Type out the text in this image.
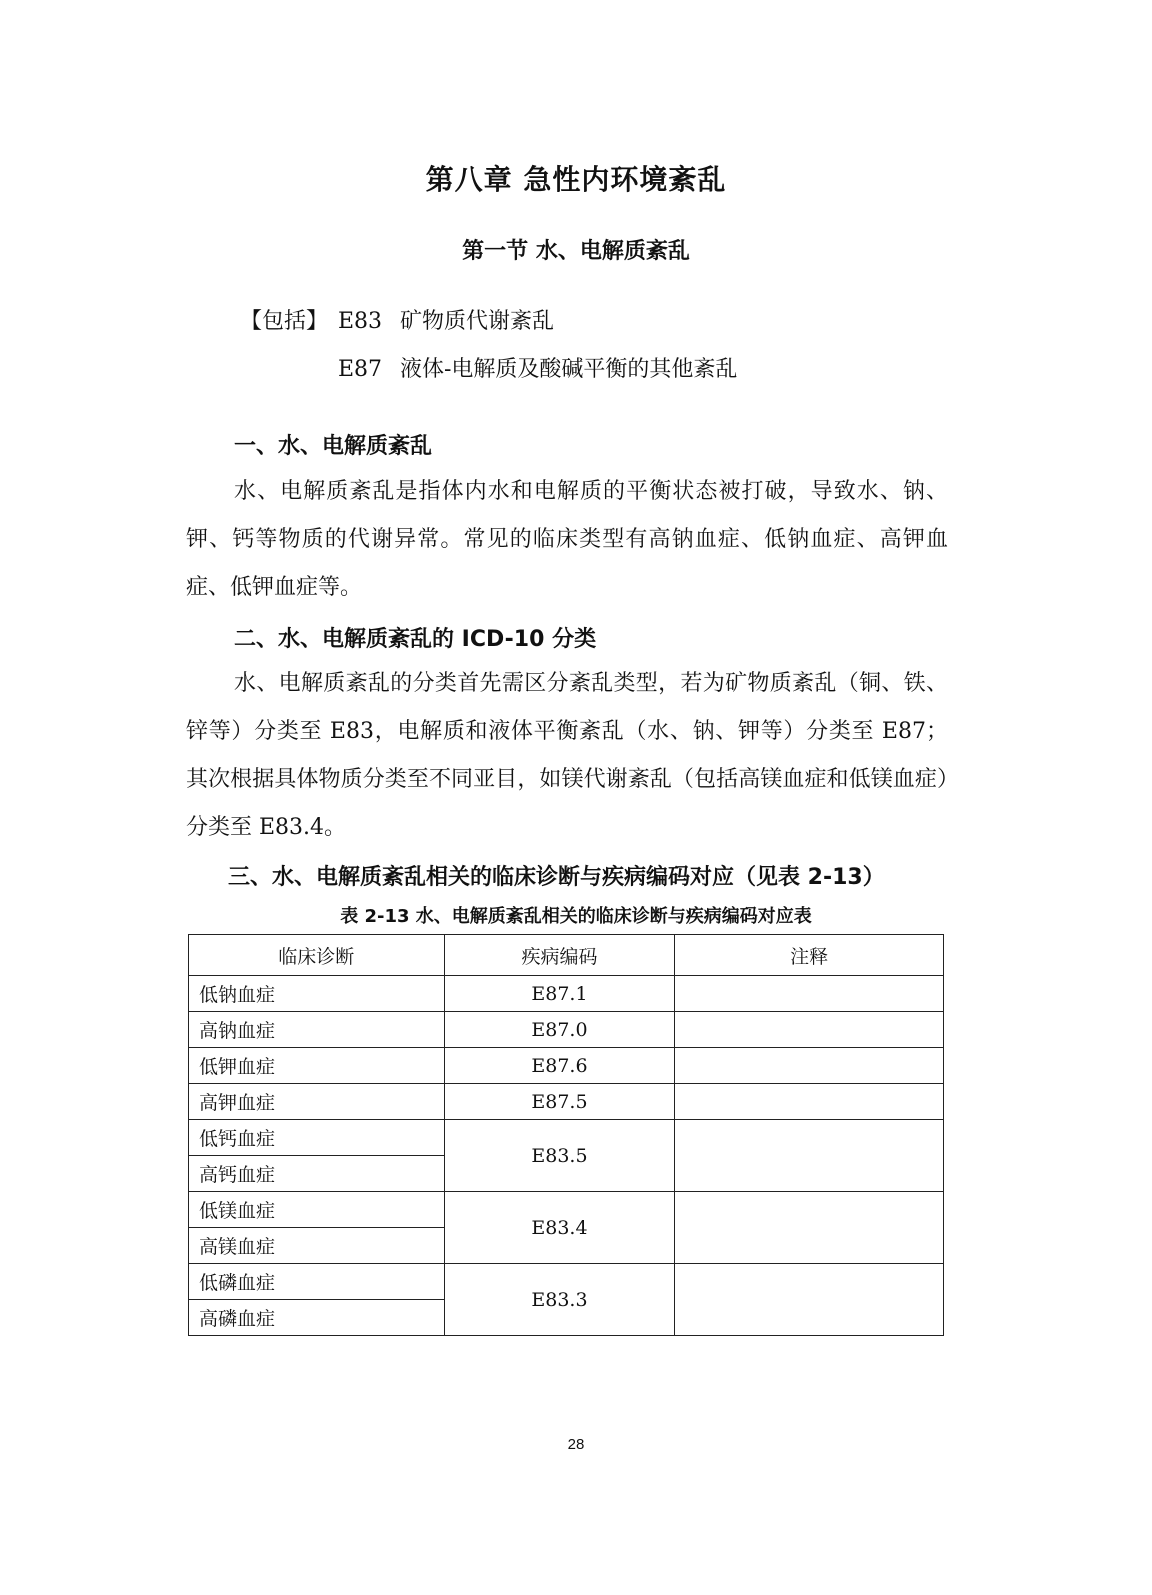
第八章 急性内环境紊乱
第一节 水、电解质紊乱
【包括】 E83 矿物质代谢紊乱
E87 液体-电解质及酸碱平衡的其他紊乱
一、水、电解质紊乱

水、电解质紊乱是指体内水和电解质的平衡状态被打破，导致水、钠、钾、钙等物质的代谢异常。常见的临床类型有高钠血症、低钠血症、高钾血症、低钾血症等。

二、水、电解质紊乱的 ICD-10 分类

水、电解质紊乱的分类首先需区分紊乱类型，若为矿物质紊乱（铜、铁、锌等）分类至 E83，电解质和液体平衡紊乱（水、钠、钾等）分类至 E87；其次根据具体物质分类至不同亚目，如镁代谢紊乱（包括高镁血症和低镁血症）分类至 E83.4。

三、水、电解质紊乱相关的临床诊断与疾病编码对应（见表 2-13）
表 2-13 水、电解质紊乱相关的临床诊断与疾病编码对应表
临床诊断	疾病编码	注释
低钠血症	E87.1	
高钠血症	E87.0	
低钾血症	E87.6	
高钾血症	E87.5	
低钙血症	E83.5	
高钙血症		
低镁血症	E83.4	
高镁血症		
低磷血症	E83.3	
高磷血症		
28
